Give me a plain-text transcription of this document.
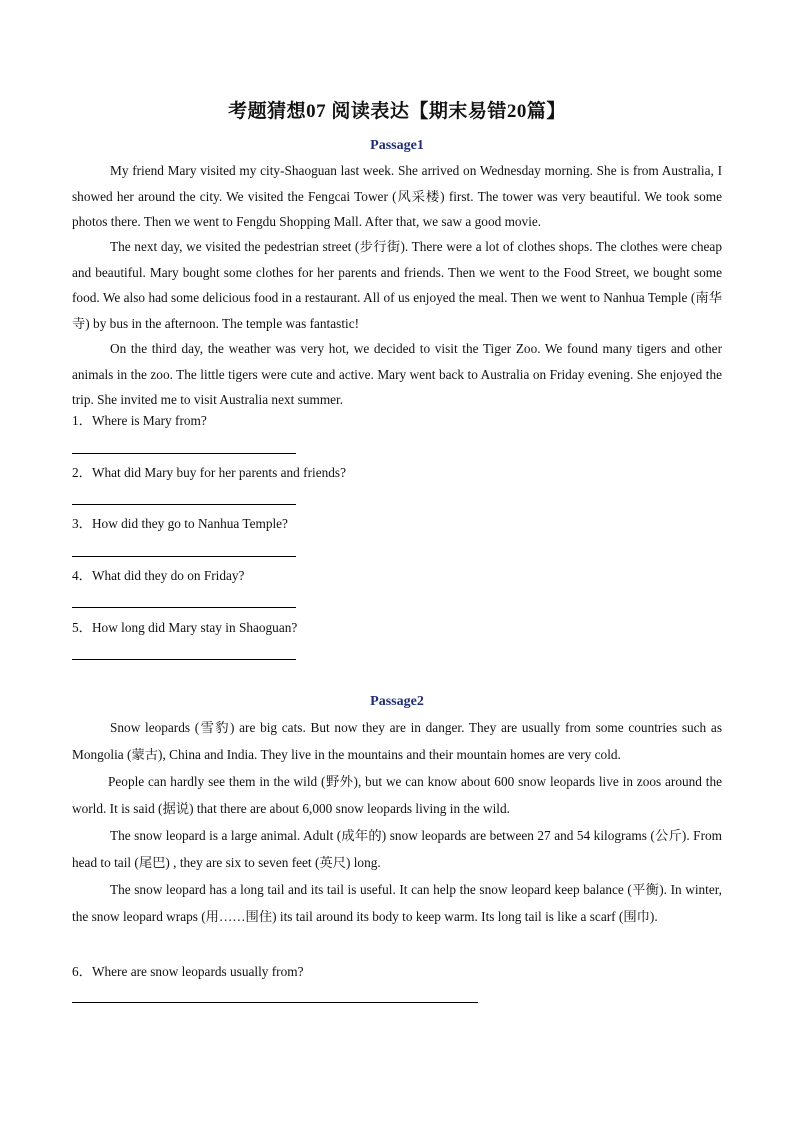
考题猜想07 阅读表达【期末易错20篇】
Passage1
My friend Mary visited my city-Shaoguan last week. She arrived on Wednesday morning. She is from Australia, I showed her around the city. We visited the Fengcai Tower (风采楼) first. The tower was very beautiful. We took some photos there. Then we went to Fengdu Shopping Mall. After that, we saw a good movie.
The next day, we visited the pedestrian street (步行街). There were a lot of clothes shops. The clothes were cheap and beautiful. Mary bought some clothes for her parents and friends. Then we went to the Food Street, we bought some food. We also had some delicious food in a restaurant. All of us enjoyed the meal. Then we went to Nanhua Temple (南华寺) by bus in the afternoon. The temple was fantastic!
On the third day, the weather was very hot, we decided to visit the Tiger Zoo. We found many tigers and other animals in the zoo. The little tigers were cute and active. Mary went back to Australia on Friday evening. She enjoyed the trip. She invited me to visit Australia next summer.
1．Where is Mary from?
2．What did Mary buy for her parents and friends?
3．How did they go to Nanhua Temple?
4．What did they do on Friday?
5．How long did Mary stay in Shaoguan?
Passage2
Snow leopards (雪豹) are big cats. But now they are in danger. They are usually from some countries such as Mongolia (蒙古), China and India. They live in the mountains and their mountain homes are very cold.
People can hardly see them in the wild (野外), but we can know about 600 snow leopards live in zoos around the world. It is said (据说) that there are about 6,000 snow leopards living in the wild.
The snow leopard is a large animal. Adult (成年的) snow leopards are between 27 and 54 kilograms (公斤). From head to tail (尾巴) , they are six to seven feet (英尺) long.
The snow leopard has a long tail and its tail is useful. It can help the snow leopard keep balance (平衡). In winter, the snow leopard wraps (用……围住) its tail around its body to keep warm. Its long tail is like a scarf (围巾).
6．Where are snow leopards usually from?
